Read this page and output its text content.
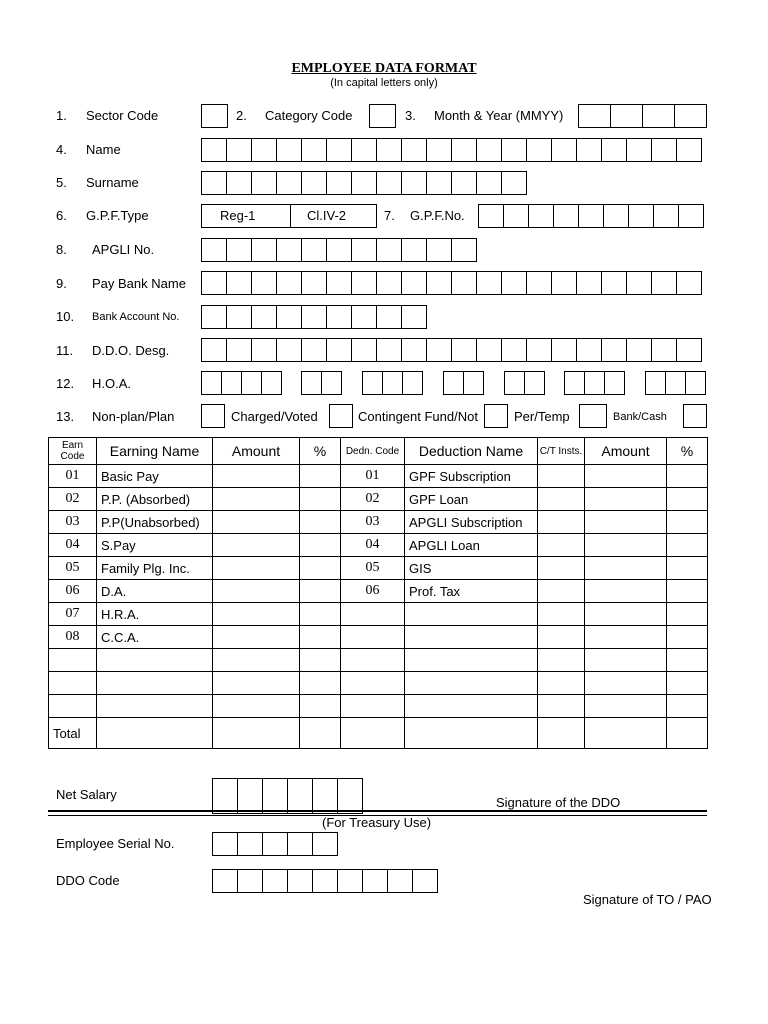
EMPLOYEE DATA FORMAT
(In capital letters only)
1. Sector Code	2. Category Code	3. Month & Year (MMYY)
4. Name
5. Surname
6. G.P.F.Type	Reg-1	Cl.IV-2	7. G.P.F.No.
8. APGLI No.
9. Pay Bank Name
10. Bank Account No.
11. D.D.O. Desg.
12. H.O.A.
13. Non-plan/Plan	Charged/Voted	Contingent Fund/Not	Per/Temp	Bank/Cash
Earn Code	Earning Name	Amount	%	Dedn. Code	Deduction Name	C/T Insts.	Amount	%
01	Basic Pay			01	GPF Subscription			
02	P.P. (Absorbed)			02	GPF Loan			
03	P.P(Unabsorbed)			03	APGLI Subscription			
04	S.Pay			04	APGLI Loan			
05	Family Plg. Inc.			05	GIS			
06	D.A.			06	Prof. Tax			
07	H.R.A.							
08	C.C.A.							

Total								
Net Salary
Signature of the DDO
(For Treasury Use)
Employee Serial No.
DDO Code
Signature of TO / PAO
